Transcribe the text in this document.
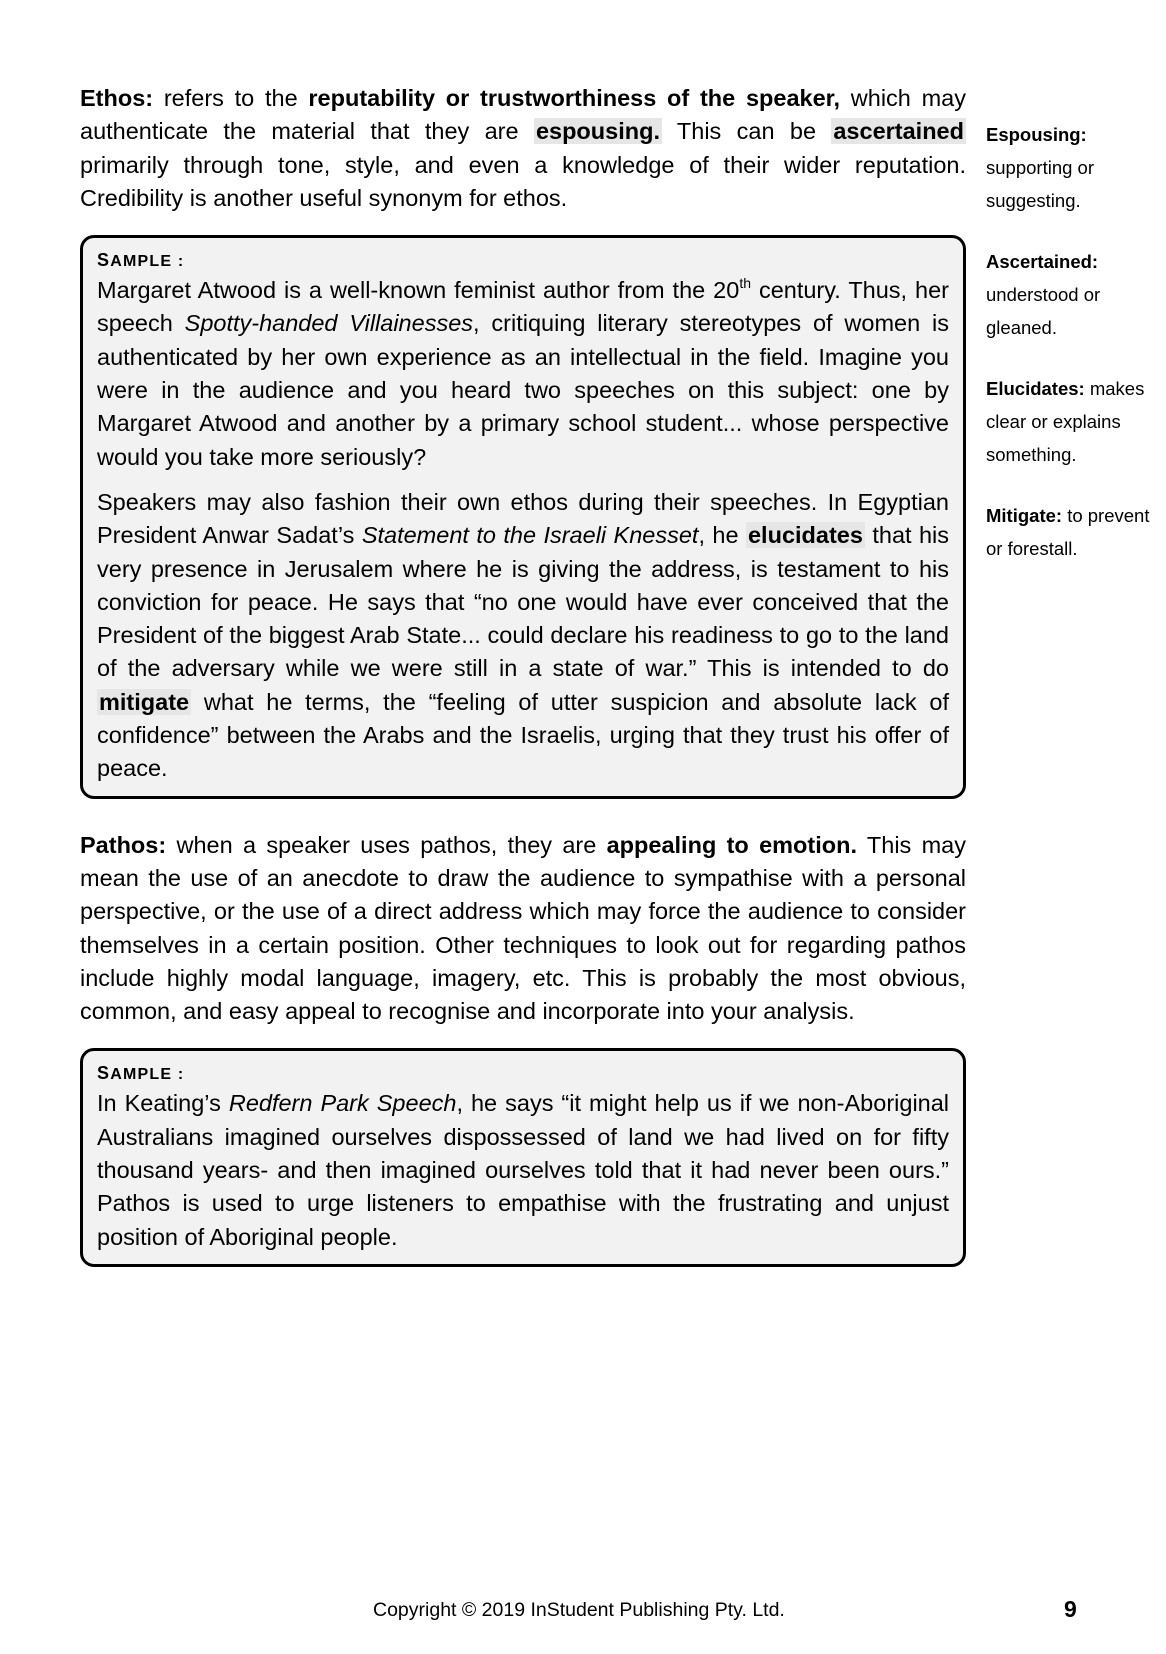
Ethos: refers to the reputability or trustworthiness of the speaker, which may authenticate the material that they are espousing. This can be ascertained primarily through tone, style, and even a knowledge of their wider reputation. Credibility is another useful synonym for ethos.

SAMPLE :

Margaret Atwood is a well-known feminist author from the 20th century. Thus, her speech Spotty-handed Villainesses, critiquing literary stereotypes of women is authenticated by her own experience as an intellectual in the field. Imagine you were in the audience and you heard two speeches on this subject: one by Margaret Atwood and another by a primary school student... whose perspective would you take more seriously?

Speakers may also fashion their own ethos during their speeches. In Egyptian President Anwar Sadat’s Statement to the Israeli Knesset, he elucidates that his very presence in Jerusalem where he is giving the address, is testament to his conviction for peace. He says that “no one would have ever conceived that the President of the biggest Arab State... could declare his readiness to go to the land of the adversary while we were still in a state of war.” This is intended to do mitigate what he terms, the “feeling of utter suspicion and absolute lack of confidence” between the Arabs and the Israelis, urging that they trust his offer of peace.

Pathos: when a speaker uses pathos, they are appealing to emotion. This may mean the use of an anecdote to draw the audience to sympathise with a personal perspective, or the use of a direct address which may force the audience to consider themselves in a certain position. Other techniques to look out for regarding pathos include highly modal language, imagery, etc. This is probably the most obvious, common, and easy appeal to recognise and incorporate into your analysis.

SAMPLE :

In Keating’s Redfern Park Speech, he says “it might help us if we non-Aboriginal Australians imagined ourselves dispossessed of land we had lived on for fifty thousand years- and then imagined ourselves told that it had never been ours.” Pathos is used to urge listeners to empathise with the frustrating and unjust position of Aboriginal people.

Espousing: supporting or suggesting.

Ascertained: understood or gleaned.

Elucidates: makes clear or explains something.

Mitigate: to prevent or forestall.

Copyright © 2019 InStudent Publishing Pty. Ltd.	9
